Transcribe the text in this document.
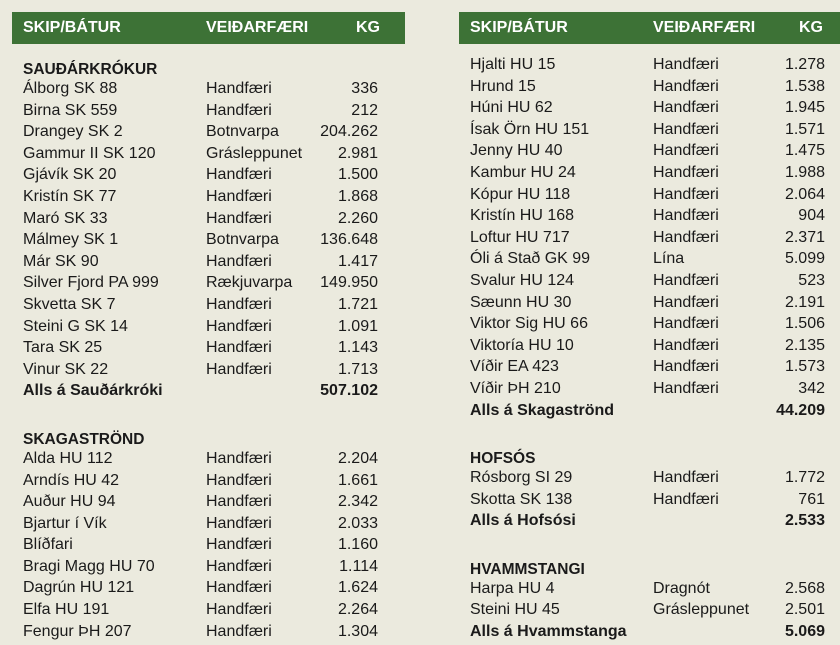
SKIP/BÁTUR	VEIÐARFÆRI	KG
SAUÐÁRKRÓKUR
Álborg SK 88	Handfæri	336
Birna SK 559	Handfæri	212
Drangey SK 2	Botnvarpa	204.262
Gammur II SK 120	Grásleppunet 2.981
Gjávík SK 20	Handfæri	1.500
Kristín SK 77	Handfæri	1.868
Maró SK 33	Handfæri	2.260
Málmey SK 1	Botnvarpa	136.648
Már SK 90	Handfæri	1.417
Silver Fjord PA 999	Rækjuvarpa 149.950
Skvetta SK 7	Handfæri	1.721
Steini G SK 14	Handfæri	1.091
Tara SK 25	Handfæri	1.143
Vinur SK 22	Handfæri	1.713
Alls á Sauðárkróki	507.102
SKAGASTRÖND
Alda HU 112	Handfæri	2.204
Arndís HU 42	Handfæri	1.661
Auður HU 94	Handfæri	2.342
Bjartur í Vík	Handfæri	2.033
Blíðfari	Handfæri	1.160
Bragi Magg HU 70	Handfæri	1.114
Dagrún HU 121	Handfæri	1.624
Elfa HU 191	Handfæri	2.264
Fengur ÞH 207	Handfæri	1.304
SKIP/BÁTUR	VEIÐARFÆRI	KG
Hjalti HU 15	Handfæri	1.278
Hrund 15	Handfæri	1.538
Húni HU 62	Handfæri	1.945
Ísak Örn HU 151	Handfæri	1.571
Jenny HU 40	Handfæri	1.475
Kambur HU 24	Handfæri	1.988
Kópur HU 118	Handfæri	2.064
Kristín HU 168	Handfæri	904
Loftur HU 717	Handfæri	2.371
Óli á Stað GK 99	Lína	5.099
Svalur HU 124	Handfæri	523
Sæunn HU 30	Handfæri	2.191
Viktor Sig HU 66	Handfæri	1.506
Viktoría HU 10	Handfæri	2.135
Víðir EA 423	Handfæri	1.573
Víðir ÞH 210	Handfæri	342
Alls á Skagaströnd	44.209
HOFSÓS
Rósborg SI 29	Handfæri	1.772
Skotta SK 138	Handfæri	761
Alls á Hofsósi	2.533
HVAMMSTANGI
Harpa HU 4	Dragnót	2.568
Steini HU 45	Grásleppunet 2.501
Alls á Hvammstanga	5.069
